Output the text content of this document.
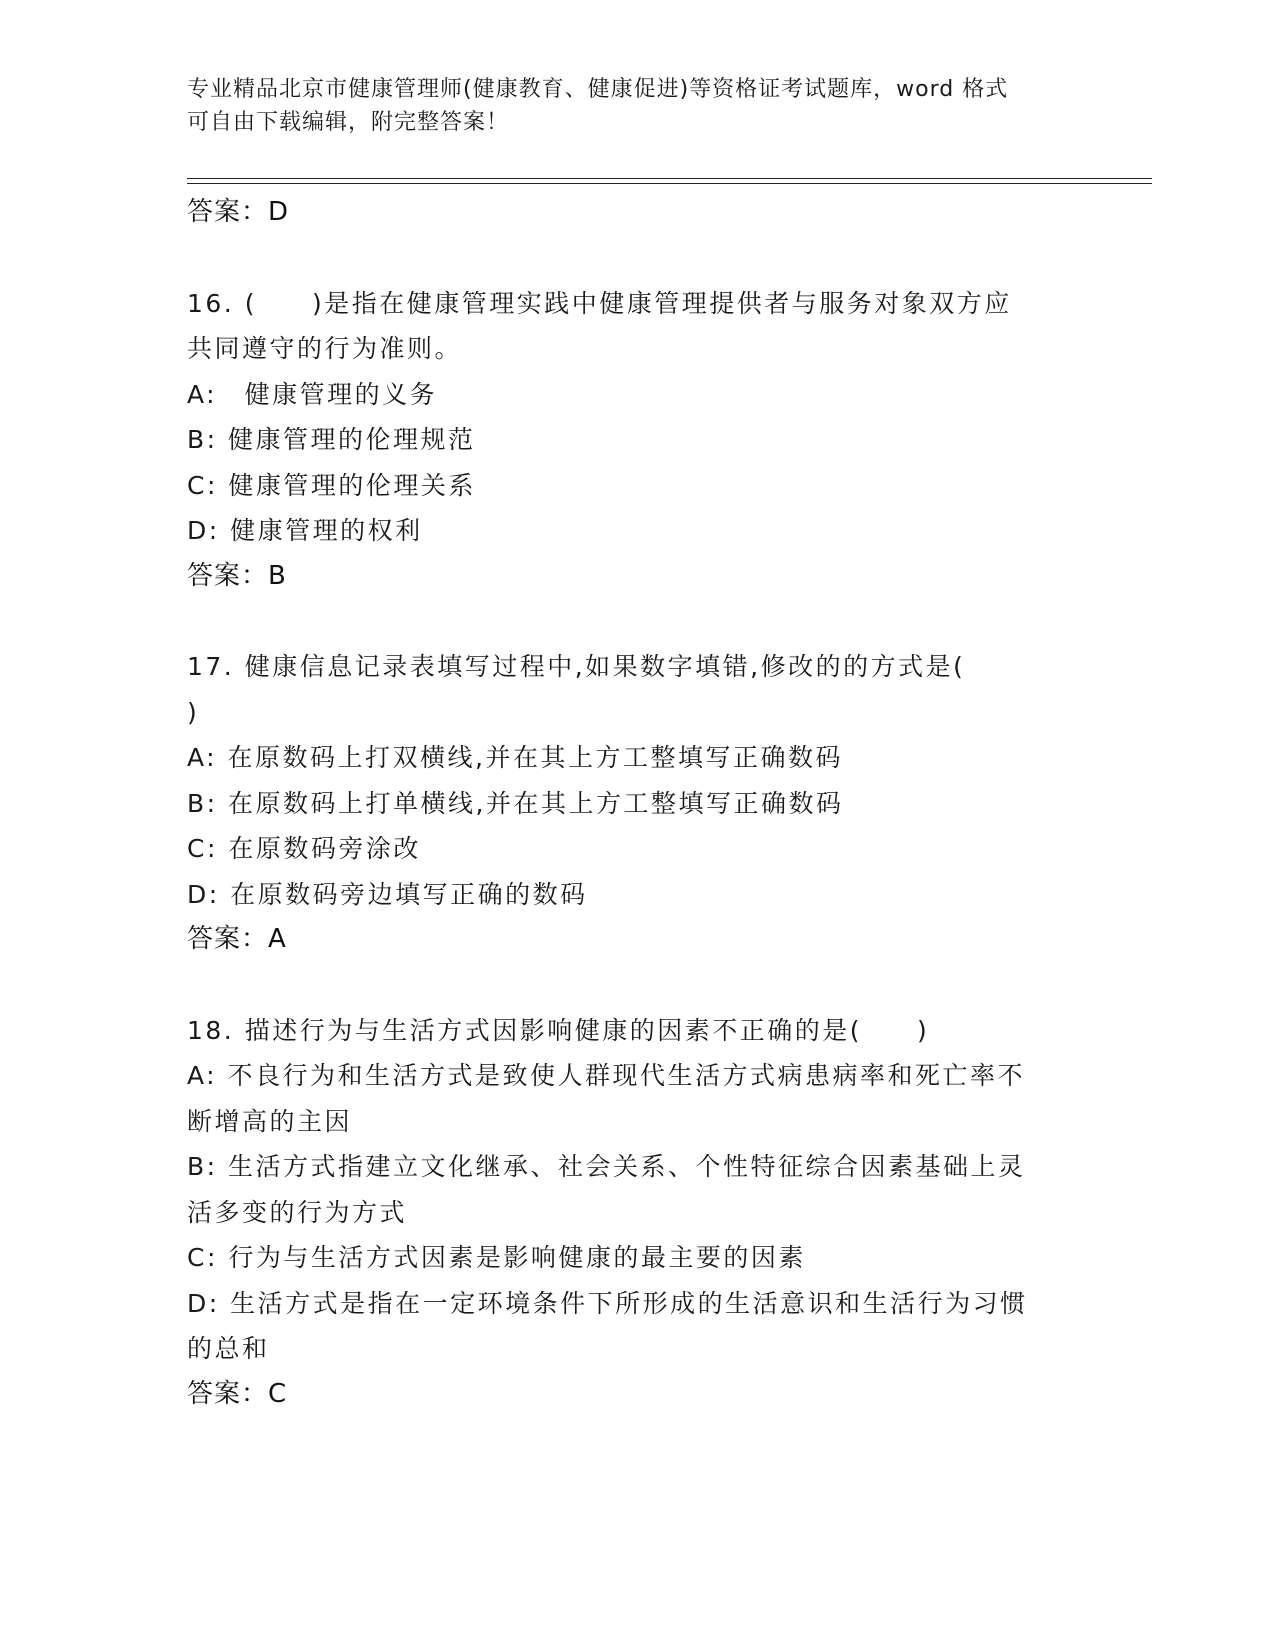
专业精品北京市健康管理师(健康教育、健康促进)等资格证考试题库，word 格式
可自由下载编辑，附完整答案！
答案：D
16. (　　)是指在健康管理实践中健康管理提供者与服务对象双方应
共同遵守的行为准则。
A:　健康管理的义务
B: 健康管理的伦理规范
C: 健康管理的伦理关系
D: 健康管理的权利
答案：B
17. 健康信息记录表填写过程中,如果数字填错,修改的的方式是(
)
A: 在原数码上打双横线,并在其上方工整填写正确数码
B: 在原数码上打单横线,并在其上方工整填写正确数码
C: 在原数码旁涂改
D: 在原数码旁边填写正确的数码
答案：A
18. 描述行为与生活方式因影响健康的因素不正确的是(　　)
A: 不良行为和生活方式是致使人群现代生活方式病患病率和死亡率不
断增高的主因
B: 生活方式指建立文化继承、社会关系、个性特征综合因素基础上灵
活多变的行为方式
C: 行为与生活方式因素是影响健康的最主要的因素
D: 生活方式是指在一定环境条件下所形成的生活意识和生活行为习惯
的总和
答案：C
